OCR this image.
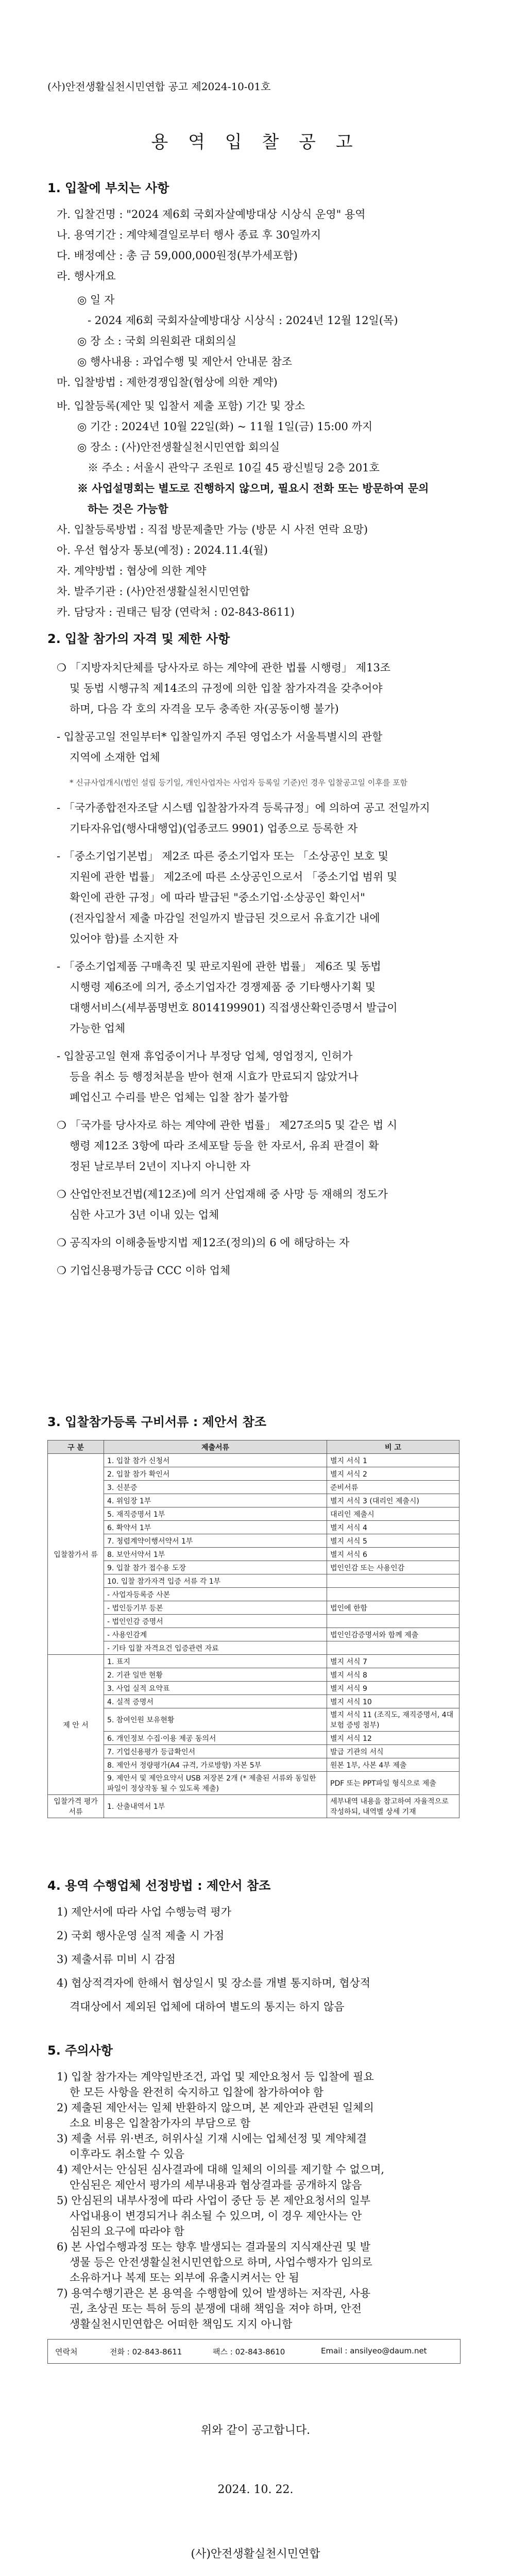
(사)안전생활실천시민연합 공고 제2024-10-01호
용 역 입 찰 공 고
1. 입찰에 부치는 사항
가. 입찰건명 : "2024 제6회 국회자살예방대상 시상식 운영" 용역
나. 용역기간 : 계약체결일로부터 행사 종료 후 30일까지
다. 배정예산 : 총 금 59,000,000원정(부가세포함)
라. 행사개요
◎ 일 자
- 2024 제6회 국회자살예방대상 시상식 : 2024년 12월 12일(목)
◎ 장 소 : 국회 의원회관 대회의실
◎ 행사내용 : 과업수행 및 제안서 안내문 참조
마. 입찰방법 : 제한경쟁입찰(협상에 의한 계약)
바. 입찰등록(제안 및 입찰서 제출 포함) 기간 및 장소
◎ 기간 : 2024년 10월 22일(화) ~ 11월 1일(금) 15:00 까지
◎ 장소 : (사)안전생활실천시민연합 회의실
※ 주소 : 서울시 관악구 조원로 10길 45 광신빌딩 2층 201호
※ 사업설명회는 별도로 진행하지 않으며, 필요시 전화 또는 방문하여 문의
하는 것은 가능함
사. 입찰등록방법 : 직접 방문제출만 가능 (방문 시 사전 연락 요망)
아. 우선 협상자 통보(예정) : 2024.11.4(월)
자. 계약방법 : 협상에 의한 계약
차. 발주기관 : (사)안전생활실천시민연합
카. 담당자 : 권태근 팀장 (연락처 : 02-843-8611)
2. 입찰 참가의 자격 및 제한 사항
❍ 「지방자치단체를 당사자로 하는 계약에 관한 법률 시행령」 제13조
및 동법 시행규칙 제14조의 규정에 의한 입찰 참가자격을 갖추어야
하며, 다음 각 호의 자격을 모두 충족한 자(공동이행 불가)
- 입찰공고일 전일부터* 입찰일까지 주된 영업소가 서울특별시의 관할
지역에 소재한 업체
* 신규사업개시(법인 설립 등기일, 개인사업자는 사업자 등록일 기준)인 경우 입찰공고일 이후를 포함
- 「국가종합전자조달 시스템 입찰참가자격 등록규정」에 의하여 공고 전일까지
기타자유업(행사대행업)(업종코드 9901) 업종으로 등록한 자
- 「중소기업기본법」 제2조 따른 중소기업자 또는 「소상공인 보호 및
지원에 관한 법률」 제2조에 따른 소상공인으로서 「중소기업 범위 및
확인에 관한 규정」에 따라 발급된 "중소기업·소상공인 확인서"
(전자입찰서 제출 마감일 전일까지 발급된 것으로서 유효기간 내에
있어야 함)를 소지한 자
- 「중소기업제품 구매촉진 및 판로지원에 관한 법률」 제6조 및 동법
시행령 제6조에 의거, 중소기업자간 경쟁제품 중 기타행사기획 및
대행서비스(세부품명번호 8014199901) 직접생산확인증명서 발급이
가능한 업체
- 입찰공고일 현재 휴업중이거나 부정당 업체, 영업정지, 인허가
등을 취소 등 행정처분을 받아 현재 시효가 만료되지 않았거나
폐업신고 수리를 받은 업체는 입찰 참가 불가함
❍ 「국가를 당사자로 하는 계약에 관한 법률」 제27조의5 및 같은 법 시
행령 제12조 3항에 따라 조세포탈 등을 한 자로서, 유죄 판결이 확
정된 날로부터 2년이 지나지 아니한 자
❍ 산업안전보건법(제12조)에 의거 산업재해 중 사망 등 재해의 정도가
심한 사고가 3년 이내 있는 업체
❍ 공직자의 이해충돌방지법 제12조(정의)의 6 에 해당하는 자
❍ 기업신용평가등급 CCC 이하 업체
3. 입찰참가등록 구비서류 : 제안서 참조
구 분	제출서류	비 고
입찰참가서 류	1. 입찰 참가 신청서	별지 서식 1
	2. 입찰 참가 확인서	별지 서식 2
	3. 신분증	준비서류
	4. 위임장 1부	별지 서식 3 (대리인 제출시)
	5. 재직증명서 1부	대리인 제출시
	6. 확약서 1부	별지 서식 4
	7. 청렴계약이행서약서 1부	별지 서식 5
	8. 보안서약서 1부	별지 서식 6
	9. 입찰 참가 접수용 도장	법인인감 또는 사용인감
	10. 입찰 참가자격 입증 서류 각 1부	
	- 사업자등록증 사본	
	- 법인등기부 등본	법인에 한함
	- 법인인감 증명서	
	- 사용인감계	법인인감증명서와 함께 제출
	- 기타 입찰 자격요건 입증관련 자료	
제 안 서	1. 표지	별지 서식 7
	2. 기관 일반 현황	별지 서식 8
	3. 사업 실적 요약표	별지 서식 9
	4. 실적 증명서	별지 서식 10
	5. 참여인원 보유현황	별지 서식 11 (조직도, 재직증명서, 4대보험 증빙 첨부)
	6. 개인정보 수집·이용 제공 동의서	별지 서식 12
	7. 기업신용평가 등급확인서	발급 기관의 서식
	8. 제안서 정량평가(A4 규격, 가로방향) 자본 5부	원본 1부, 사본 4부 제출
	9. 제안서 및 제안요약서 USB 저장본 2개 (* 제출된 서류와 동일한 파일이 정상작동 될 수 있도록 제출)	PDF 또는 PPT파일 형식으로 제출
입찰가격 평가서류	1. 산출내역서 1부	세부내역 내용을 참고하여 자율적으로 작성하되, 내역별 상세 기재
4. 용역 수행업체 선정방법 : 제안서 참조
1) 제안서에 따라 사업 수행능력 평가
2) 국회 행사운영 실적 제출 시 가점
3) 제출서류 미비 시 감점
4) 협상적격자에 한해서 협상일시 및 장소를 개별 통지하며, 협상적
격대상에서 제외된 업체에 대하여 별도의 통지는 하지 않음
5. 주의사항
1) 입찰 참가자는 계약일반조건, 과업 및 제안요청서 등 입찰에 필요
한 모든 사항을 완전히 숙지하고 입찰에 참가하여야 함
2) 제출된 제안서는 일체 반환하지 않으며, 본 제안과 관련된 일체의
소요 비용은 입찰참가자의 부담으로 함
3) 제출 서류 위·변조, 허위사실 기재 시에는 업체선정 및 계약체결
이후라도 취소할 수 있음
4) 제안서는 안심된 심사결과에 대해 일체의 이의를 제기할 수 없으며,
안심된은 제안서 평가의 세부내용과 협상결과를 공개하지 않음
5) 안심된의 내부사정에 따라 사업이 중단 등 본 제안요청서의 일부
사업내용이 변경되거나 취소될 수 있으며, 이 경우 제안사는 안
심된의 요구에 따라야 함
6) 본 사업수행과정 또는 향후 발생되는 결과물의 지식재산권 및 발
생물 등은 안전생활실천시민연합으로 하며, 사업수행자가 임의로
소유하거나 복제 또는 외부에 유출시켜서는 안 됨
7) 용역수행기관은 본 용역을 수행함에 있어 발생하는 저작권, 사용
권, 초상권 또는 특허 등의 분쟁에 대해 책임을 져야 하며, 안전
생활실천시민연합은 어떠한 책임도 지지 아니함
연락처	전화 : 02-843-8611	팩스 : 02-843-8610	Email : ansilyeo@daum.net
위와 같이 공고합니다.
2024. 10. 22.
(사)안전생활실천시민연합
